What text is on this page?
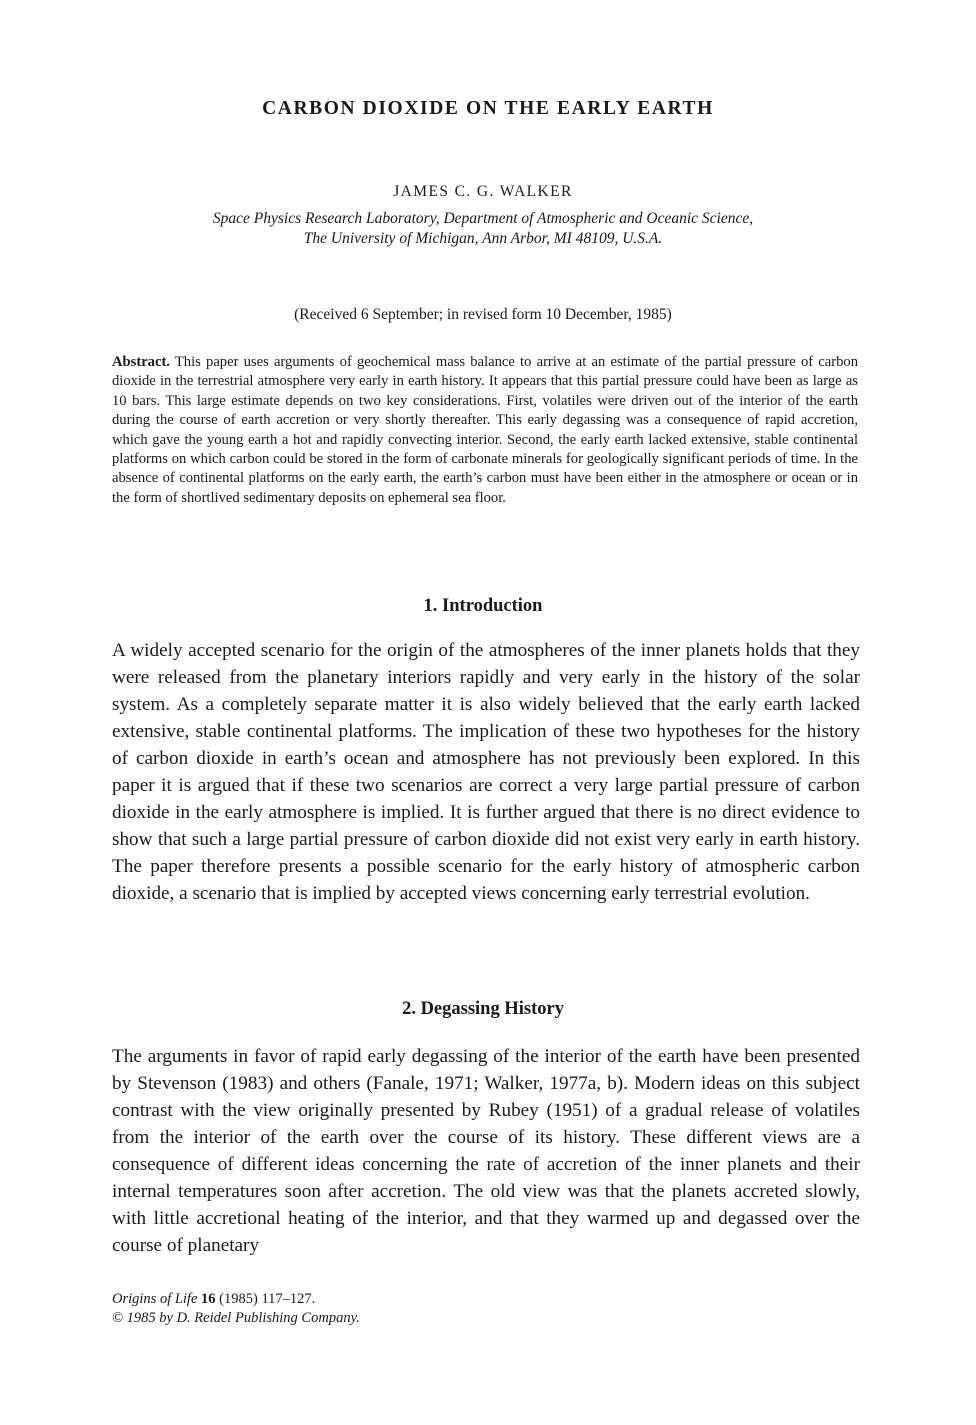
CARBON DIOXIDE ON THE EARLY EARTH
JAMES C. G. WALKER
Space Physics Research Laboratory, Department of Atmospheric and Oceanic Science,
The University of Michigan, Ann Arbor, MI 48109, U.S.A.
(Received 6 September; in revised form 10 December, 1985)
Abstract. This paper uses arguments of geochemical mass balance to arrive at an estimate of the partial pressure of carbon dioxide in the terrestrial atmosphere very early in earth history. It appears that this partial pressure could have been as large as 10 bars. This large estimate depends on two key considerations. First, volatiles were driven out of the interior of the earth during the course of earth accretion or very shortly thereafter. This early degassing was a consequence of rapid accretion, which gave the young earth a hot and rapidly convecting interior. Second, the early earth lacked extensive, stable continental platforms on which carbon could be stored in the form of carbonate minerals for geologically significant periods of time. In the absence of continental platforms on the early earth, the earth’s carbon must have been either in the atmosphere or ocean or in the form of shortlived sedimentary deposits on ephemeral sea floor.
1. Introduction
A widely accepted scenario for the origin of the atmospheres of the inner planets holds that they were released from the planetary interiors rapidly and very early in the history of the solar system. As a completely separate matter it is also widely believed that the early earth lacked extensive, stable continental platforms. The implication of these two hypotheses for the history of carbon dioxide in earth’s ocean and atmosphere has not previously been explored. In this paper it is argued that if these two scenarios are correct a very large partial pressure of carbon dioxide in the early atmosphere is implied. It is further argued that there is no direct evidence to show that such a large partial pressure of carbon dioxide did not exist very early in earth history. The paper therefore presents a possible scenario for the early history of atmospheric carbon dioxide, a scenario that is implied by accepted views concerning early terrestrial evolution.
2. Degassing History
The arguments in favor of rapid early degassing of the interior of the earth have been presented by Stevenson (1983) and others (Fanale, 1971; Walker, 1977a, b). Modern ideas on this subject contrast with the view originally presented by Rubey (1951) of a gradual release of volatiles from the interior of the earth over the course of its history. These different views are a consequence of different ideas concerning the rate of accretion of the inner planets and their internal temperatures soon after accretion. The old view was that the planets accreted slowly, with little accretional heating of the interior, and that they warmed up and degassed over the course of planetary
Origins of Life 16 (1985) 117–127.
© 1985 by D. Reidel Publishing Company.
